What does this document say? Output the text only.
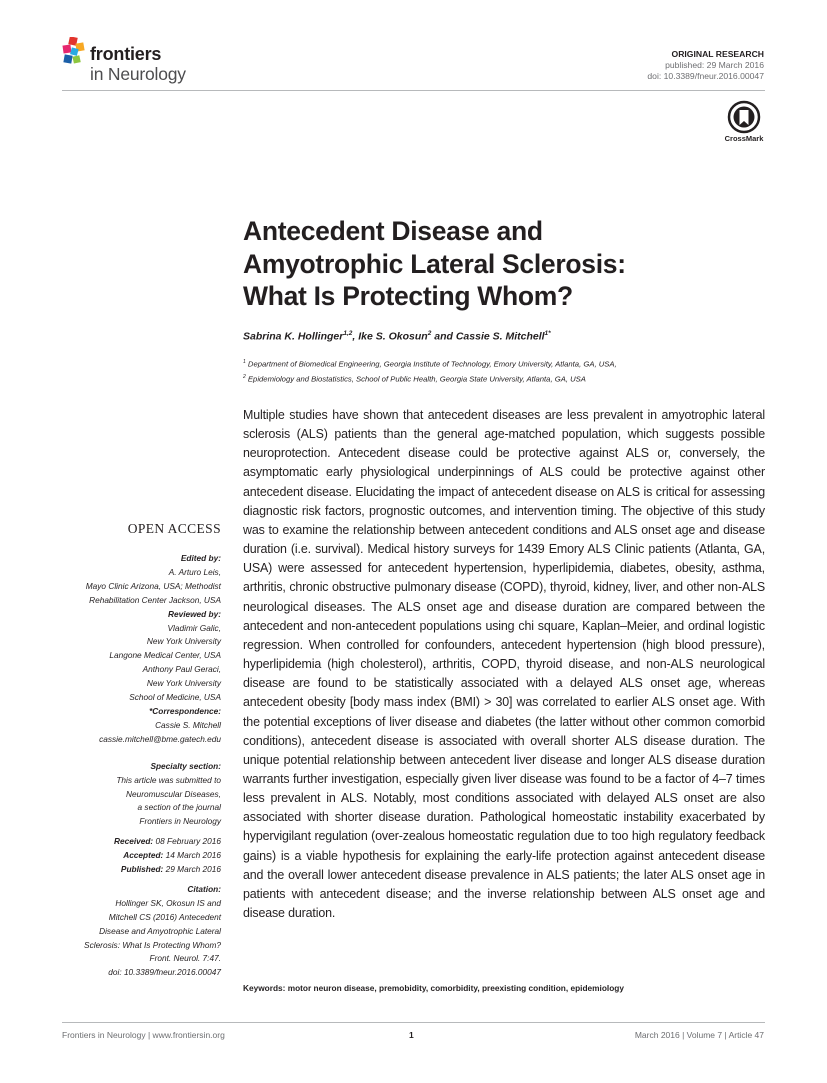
frontiers
in Neurology
ORIGINAL RESEARCH
published: 29 March 2016
doi: 10.3389/fneur.2016.00047
CrossMark
Antecedent Disease and
Amyotrophic Lateral Sclerosis:
What Is Protecting Whom?
Sabrina K. Hollinger$^{1,2}$, Ike S. Okosun$^2$ and Cassie S. Mitchell$^{1*}$
$^1$ Department of Biomedical Engineering, Georgia Institute of Technology, Emory University, Atlanta, GA, USA,
$^2$ Epidemiology and Biostatistics, School of Public Health, Georgia State University, Atlanta, GA, USA
Multiple studies have shown that antecedent diseases are less prevalent in amyotrophic lateral sclerosis (ALS) patients than the general age-matched population, which suggests possible neuroprotection. Antecedent disease could be protective against ALS or, conversely, the asymptomatic early physiological underpinnings of ALS could be protective against other antecedent disease. Elucidating the impact of antecedent disease on ALS is critical for assessing diagnostic risk factors, prognostic outcomes, and intervention timing. The objective of this study was to examine the relationship between antecedent conditions and ALS onset age and disease duration (i.e. survival). Medical history surveys for 1439 Emory ALS Clinic patients (Atlanta, GA, USA) were assessed for antecedent hypertension, hyperlipidemia, diabetes, obesity, asthma, arthritis, chronic obstructive pulmonary disease (COPD), thyroid, kidney, liver, and other non-ALS neurological diseases. The ALS onset age and disease duration are compared between the antecedent and non-antecedent populations using chi square, Kaplan–Meier, and ordinal logistic regression. When controlled for confounders, antecedent hypertension (high blood pressure), hyperlipidemia (high cholesterol), arthritis, COPD, thyroid disease, and non-ALS neurological disease are found to be statistically associated with a delayed ALS onset age, whereas antecedent obesity [body mass index (BMI) > 30] was correlated to earlier ALS onset age. With the potential exceptions of liver disease and diabetes (the latter without other common comorbid conditions), antecedent disease is associated with overall shorter ALS disease duration. The unique potential relationship between antecedent liver disease and longer ALS disease duration warrants further investigation, especially given liver disease was found to be a factor of 4–7 times less prevalent in ALS. Notably, most conditions associated with delayed ALS onset are also associated with shorter disease duration. Pathological homeostatic instability exacerbated by hypervigilant regulation (over-zealous homeostatic regulation due to too high regulatory feedback gains) is a viable hypothesis for explaining the early-life protection against antecedent disease and the overall lower antecedent disease prevalence in ALS patients; the later ALS onset age in patients with antecedent disease; and the inverse relationship between ALS onset age and disease duration.
Keywords: motor neuron disease, premobidity, comorbidity, preexisting condition, epidemiology
OPEN ACCESS
Edited by:
A. Arturo Leis,
Mayo Clinic Arizona, USA; Methodist
Rehabilitation Center Jackson, USA
Reviewed by:
Vladimir Galic,
New York University
Langone Medical Center, USA
Anthony Paul Geraci,
New York University
School of Medicine, USA
*Correspondence:
Cassie S. Mitchell
cassie.mitchell@bme.gatech.edu
Specialty section:
This article was submitted to
Neuromuscular Diseases,
a section of the journal
Frontiers in Neurology
Received: 08 February 2016
Accepted: 14 March 2016
Published: 29 March 2016
Citation:
Hollinger SK, Okosun IS and
Mitchell CS (2016) Antecedent
Disease and Amyotrophic Lateral
Sclerosis: What Is Protecting Whom?
Front. Neurol. 7:47.
doi: 10.3389/fneur.2016.00047
Frontiers in Neurology | www.frontiersin.org	1	March 2016 | Volume 7 | Article 47
